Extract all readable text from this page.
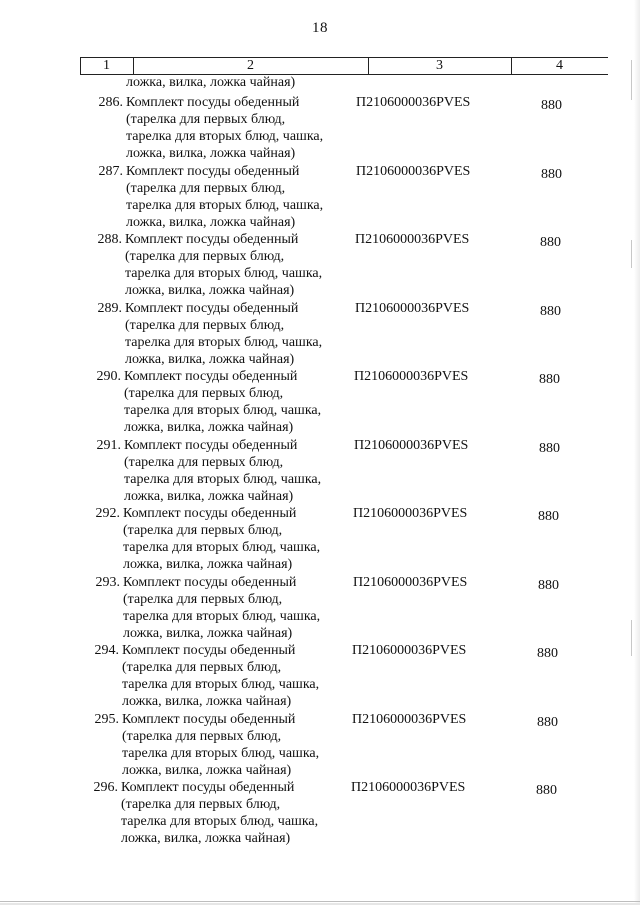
18
1	2	3	4
ложка, вилка, ложка чайная)
286. Комплект посуды обеденный
(тарелка для первых блюд,
тарелка для вторых блюд, чашка,
ложка, вилка, ложка чайная)
П2106000036PVES	880
287. Комплект посуды обеденный
(тарелка для первых блюд,
тарелка для вторых блюд, чашка,
ложка, вилка, ложка чайная)
П2106000036PVES	880
288. Комплект посуды обеденный
(тарелка для первых блюд,
тарелка для вторых блюд, чашка,
ложка, вилка, ложка чайная)
П2106000036PVES	880
289. Комплект посуды обеденный
(тарелка для первых блюд,
тарелка для вторых блюд, чашка,
ложка, вилка, ложка чайная)
П2106000036PVES	880
290. Комплект посуды обеденный
(тарелка для первых блюд,
тарелка для вторых блюд, чашка,
ложка, вилка, ложка чайная)
П2106000036PVES	880
291. Комплект посуды обеденный
(тарелка для первых блюд,
тарелка для вторых блюд, чашка,
ложка, вилка, ложка чайная)
П2106000036PVES	880
292. Комплект посуды обеденный
(тарелка для первых блюд,
тарелка для вторых блюд, чашка,
ложка, вилка, ложка чайная)
П2106000036PVES	880
293. Комплект посуды обеденный
(тарелка для первых блюд,
тарелка для вторых блюд, чашка,
ложка, вилка, ложка чайная)
П2106000036PVES	880
294. Комплект посуды обеденный
(тарелка для первых блюд,
тарелка для вторых блюд, чашка,
ложка, вилка, ложка чайная)
П2106000036PVES	880
295. Комплект посуды обеденный
(тарелка для первых блюд,
тарелка для вторых блюд, чашка,
ложка, вилка, ложка чайная)
П2106000036PVES	880
296. Комплект посуды обеденный
(тарелка для первых блюд,
тарелка для вторых блюд, чашка,
ложка, вилка, ложка чайная)
П2106000036PVES	880
